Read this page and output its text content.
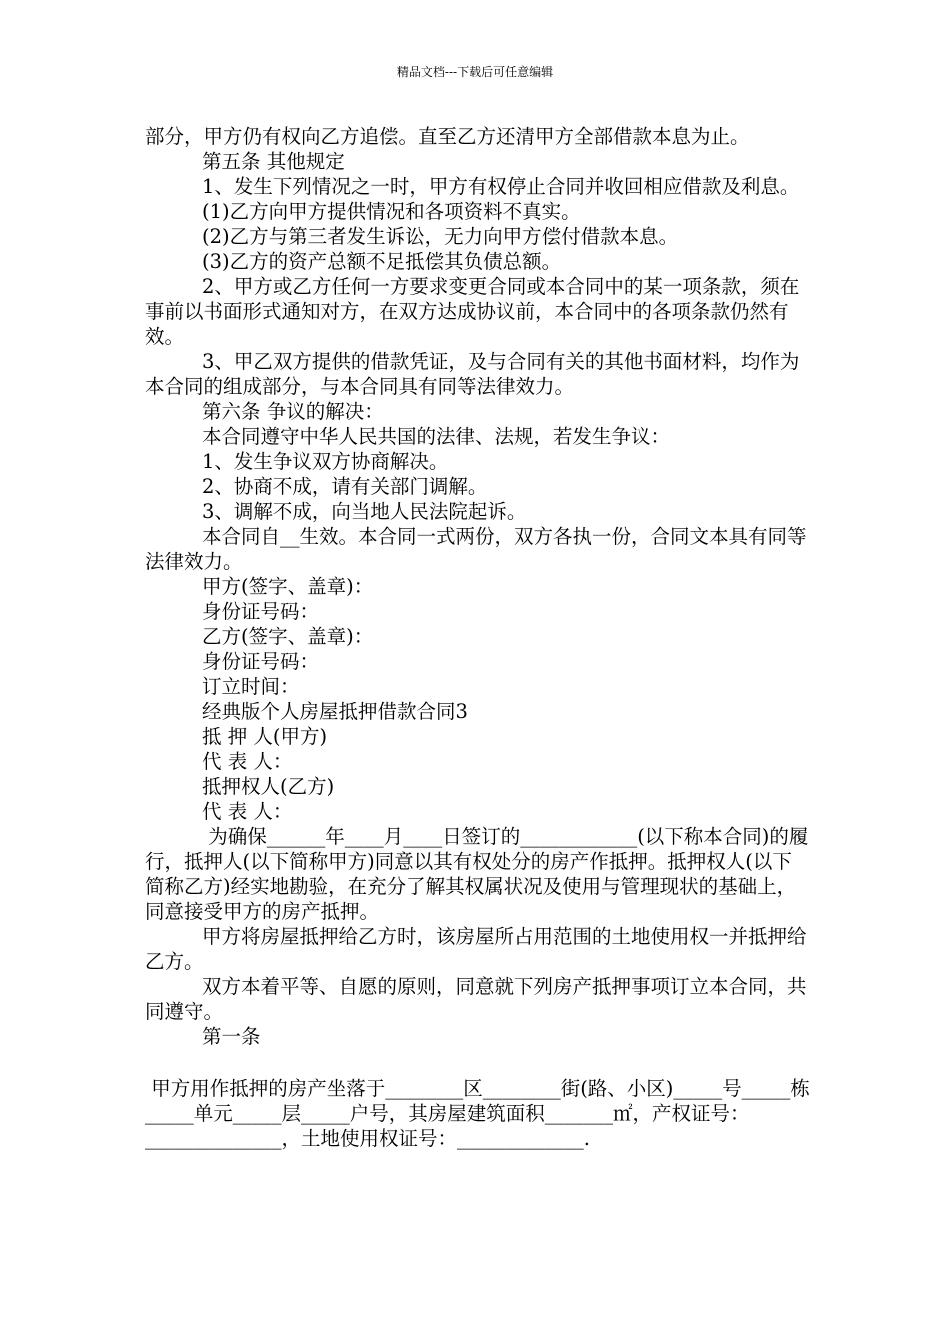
精品文档---下载后可任意编辑

部分，甲方仍有权向乙方追偿。直至乙方还清甲方全部借款本息为止。

第五条 其他规定

1、发生下列情况之一时，甲方有权停止合同并收回相应借款及利息。

(1)乙方向甲方提供情况和各项资料不真实。

(2)乙方与第三者发生诉讼，无力向甲方偿付借款本息。

(3)乙方的资产总额不足抵偿其负债总额。

2、甲方或乙方任何一方要求变更合同或本合同中的某一项条款，须在事前以书面形式通知对方，在双方达成协议前，本合同中的各项条款仍然有效。

3、甲乙双方提供的借款凭证，及与合同有关的其他书面材料，均作为本合同的组成部分，与本合同具有同等法律效力。

第六条 争议的解决：

本合同遵守中华人民共国的法律、法规，若发生争议：

1、发生争议双方协商解决。

2、协商不成，请有关部门调解。

3、调解不成，向当地人民法院起诉。

本合同自__生效。本合同一式两份，双方各执一份，合同文本具有同等法律效力。

甲方(签字、盖章)：

身份证号码：

乙方(签字、盖章)：

身份证号码：

订立时间：

经典版个人房屋抵押借款合同3

抵 押 人(甲方)

代 表 人：

抵押权人(乙方)

代 表 人：

为确保______年____月____日签订的____________(以下称本合同)的履行，抵押人(以下简称甲方)同意以其有权处分的房产作抵押。抵押权人(以下简称乙方)经实地勘验，在充分了解其权属状况及使用与管理现状的基础上，同意接受甲方的房产抵押。

甲方将房屋抵押给乙方时，该房屋所占用范围的土地使用权一并抵押给乙方。

双方本着平等、自愿的原则，同意就下列房产抵押事项订立本合同，共同遵守。

第一条

甲方用作抵押的房产坐落于________区________街(路、小区)_____号_____栋_____单元_____层_____户号，其房屋建筑面积_______㎡，产权证号：______________，土地使用权证号：_____________.
